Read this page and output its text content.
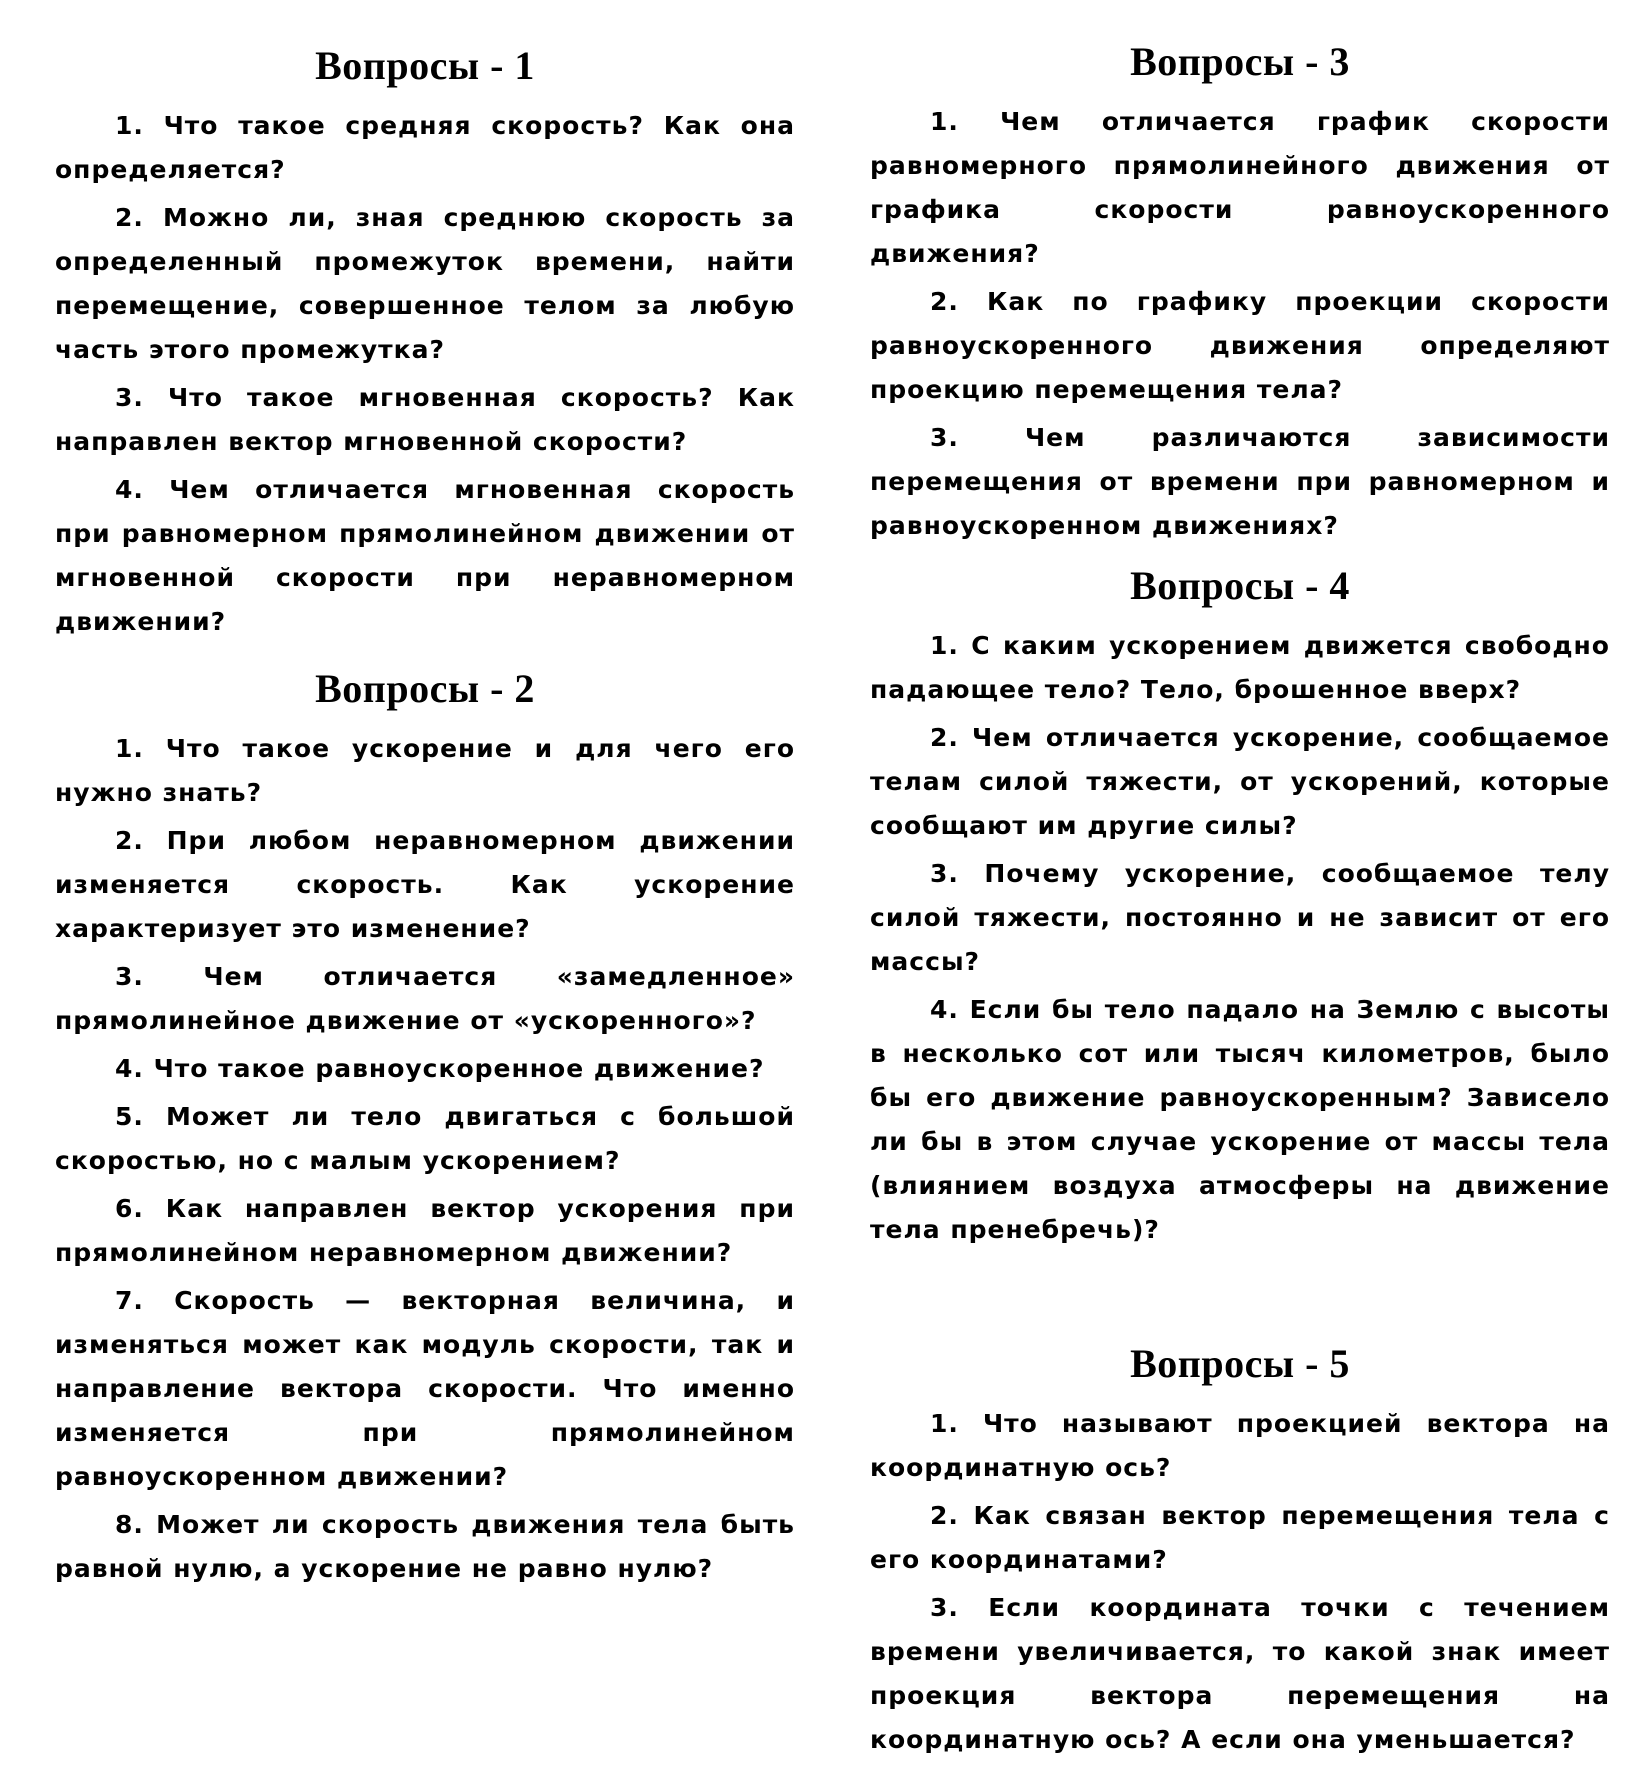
Вопросы - 1

1. Что такое средняя скорость? Как она определяется?

2. Можно ли, зная среднюю скорость за определенный промежуток времени, найти перемещение, совершенное телом за любую часть этого промежутка?

3. Что такое мгновенная скорость? Как направлен вектор мгновенной скорости?

4. Чем отличается мгновенная скорость при равномерном прямолинейном движении от мгновенной скорости при неравномерном движении?

Вопросы - 2

1. Что такое ускорение и для чего его нужно знать?

2. При любом неравномерном движении изменяется скорость. Как ускорение характеризует это изменение?

3. Чем отличается «замедленное» прямолинейное движение от «ускоренного»?

4. Что такое равноускоренное движение?

5. Может ли тело двигаться с большой скоростью, но с малым ускорением?

6. Как направлен вектор ускорения при прямолинейном неравномерном движении?

7. Скорость — векторная величина, и изменяться может как модуль скорости, так и направление вектора скорости. Что именно изменяется при прямолинейном равноускоренном движении?

8. Может ли скорость движения тела быть равной нулю, а ускорение не равно нулю?

Вопросы - 3

1. Чем отличается график скорости равномерного прямолинейного движения от графика скорости равноускоренного движения?

2. Как по графику проекции скорости равноускоренного движения определяют проекцию перемещения тела?

3. Чем различаются зависимости перемещения от времени при равномерном и равноускоренном движениях?

Вопросы - 4

1. С каким ускорением движется свободно падающее тело? Тело, брошенное вверх?

2. Чем отличается ускорение, сообщаемое телам силой тяжести, от ускорений, которые сообщают им другие силы?

3. Почему ускорение, сообщаемое телу силой тяжести, постоянно и не зависит от его массы?

4. Если бы тело падало на Землю с высоты в несколько сот или тысяч километров, было бы его движение равноускоренным? Зависело ли бы в этом случае ускорение от массы тела (влиянием воздуха атмосферы на движение тела пренебречь)?

Вопросы - 5

1. Что называют проекцией вектора на координатную ось?

2. Как связан вектор перемещения тела с его координатами?

3. Если координата точки с течением времени увеличивается, то какой знак имеет проекция вектора перемещения на координатную ось? А если она уменьшается?
